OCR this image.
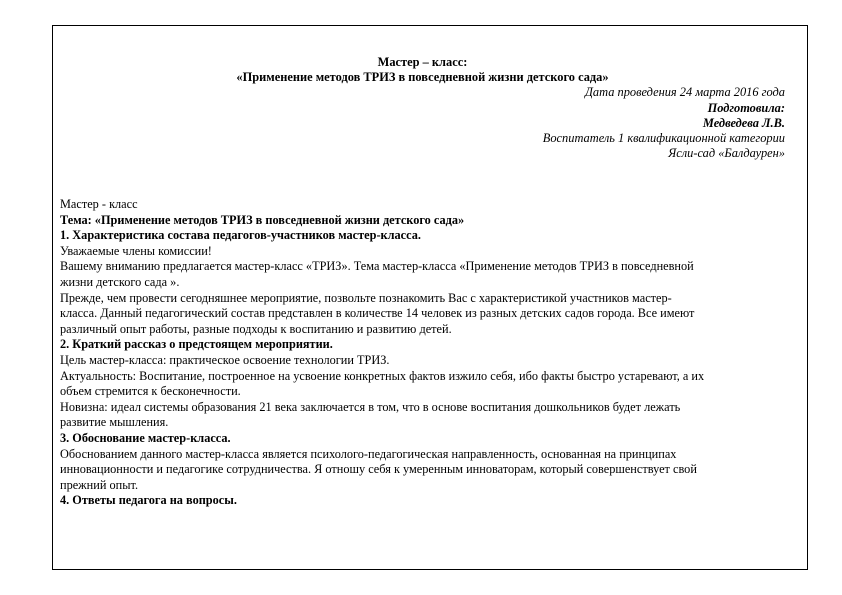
Мастер – класс:
«Применение методов ТРИЗ в повседневной жизни детского сада»
Дата проведения 24 марта 2016 года
Подготовила:
Медведева Л.В.
Воспитатель 1 квалификационной категории
Ясли-сад «Балдаурен»

Мастер - класс

Тема: «Применение методов ТРИЗ в повседневной жизни детского сада»

1. Характеристика состава педагогов-участников мастер-класса.

Уважаемые члены комиссии!

Вашему вниманию предлагается мастер-класс «ТРИЗ». Тема мастер-класса «Применение методов ТРИЗ в повседневной

жизни детского сада ».

Прежде, чем провести сегодняшнее мероприятие, позвольте познакомить Вас с характеристикой участников мастер-

класса. Данный педагогический состав представлен в количестве 14 человек из разных детских садов города. Все имеют

различный опыт работы, разные подходы к воспитанию и развитию детей.

2. Краткий рассказ о предстоящем мероприятии.

Цель мастер-класса: практическое освоение технологии ТРИЗ.

Актуальность: Воспитание, построенное на усвоение конкретных фактов изжило себя, ибо факты быстро устаревают, а их

объем стремится к бесконечности.

Новизна: идеал системы образования 21 века заключается в том, что в основе воспитания дошкольников будет лежать

развитие мышления.

3. Обоснование мастер-класса.

Обоснованием данного мастер-класса является психолого-педагогическая направленность, основанная на принципах

инновационности и педагогике сотрудничества. Я отношу себя к умеренным инноваторам, который совершенствует свой

прежний опыт.

4. Ответы педагога на вопросы.
